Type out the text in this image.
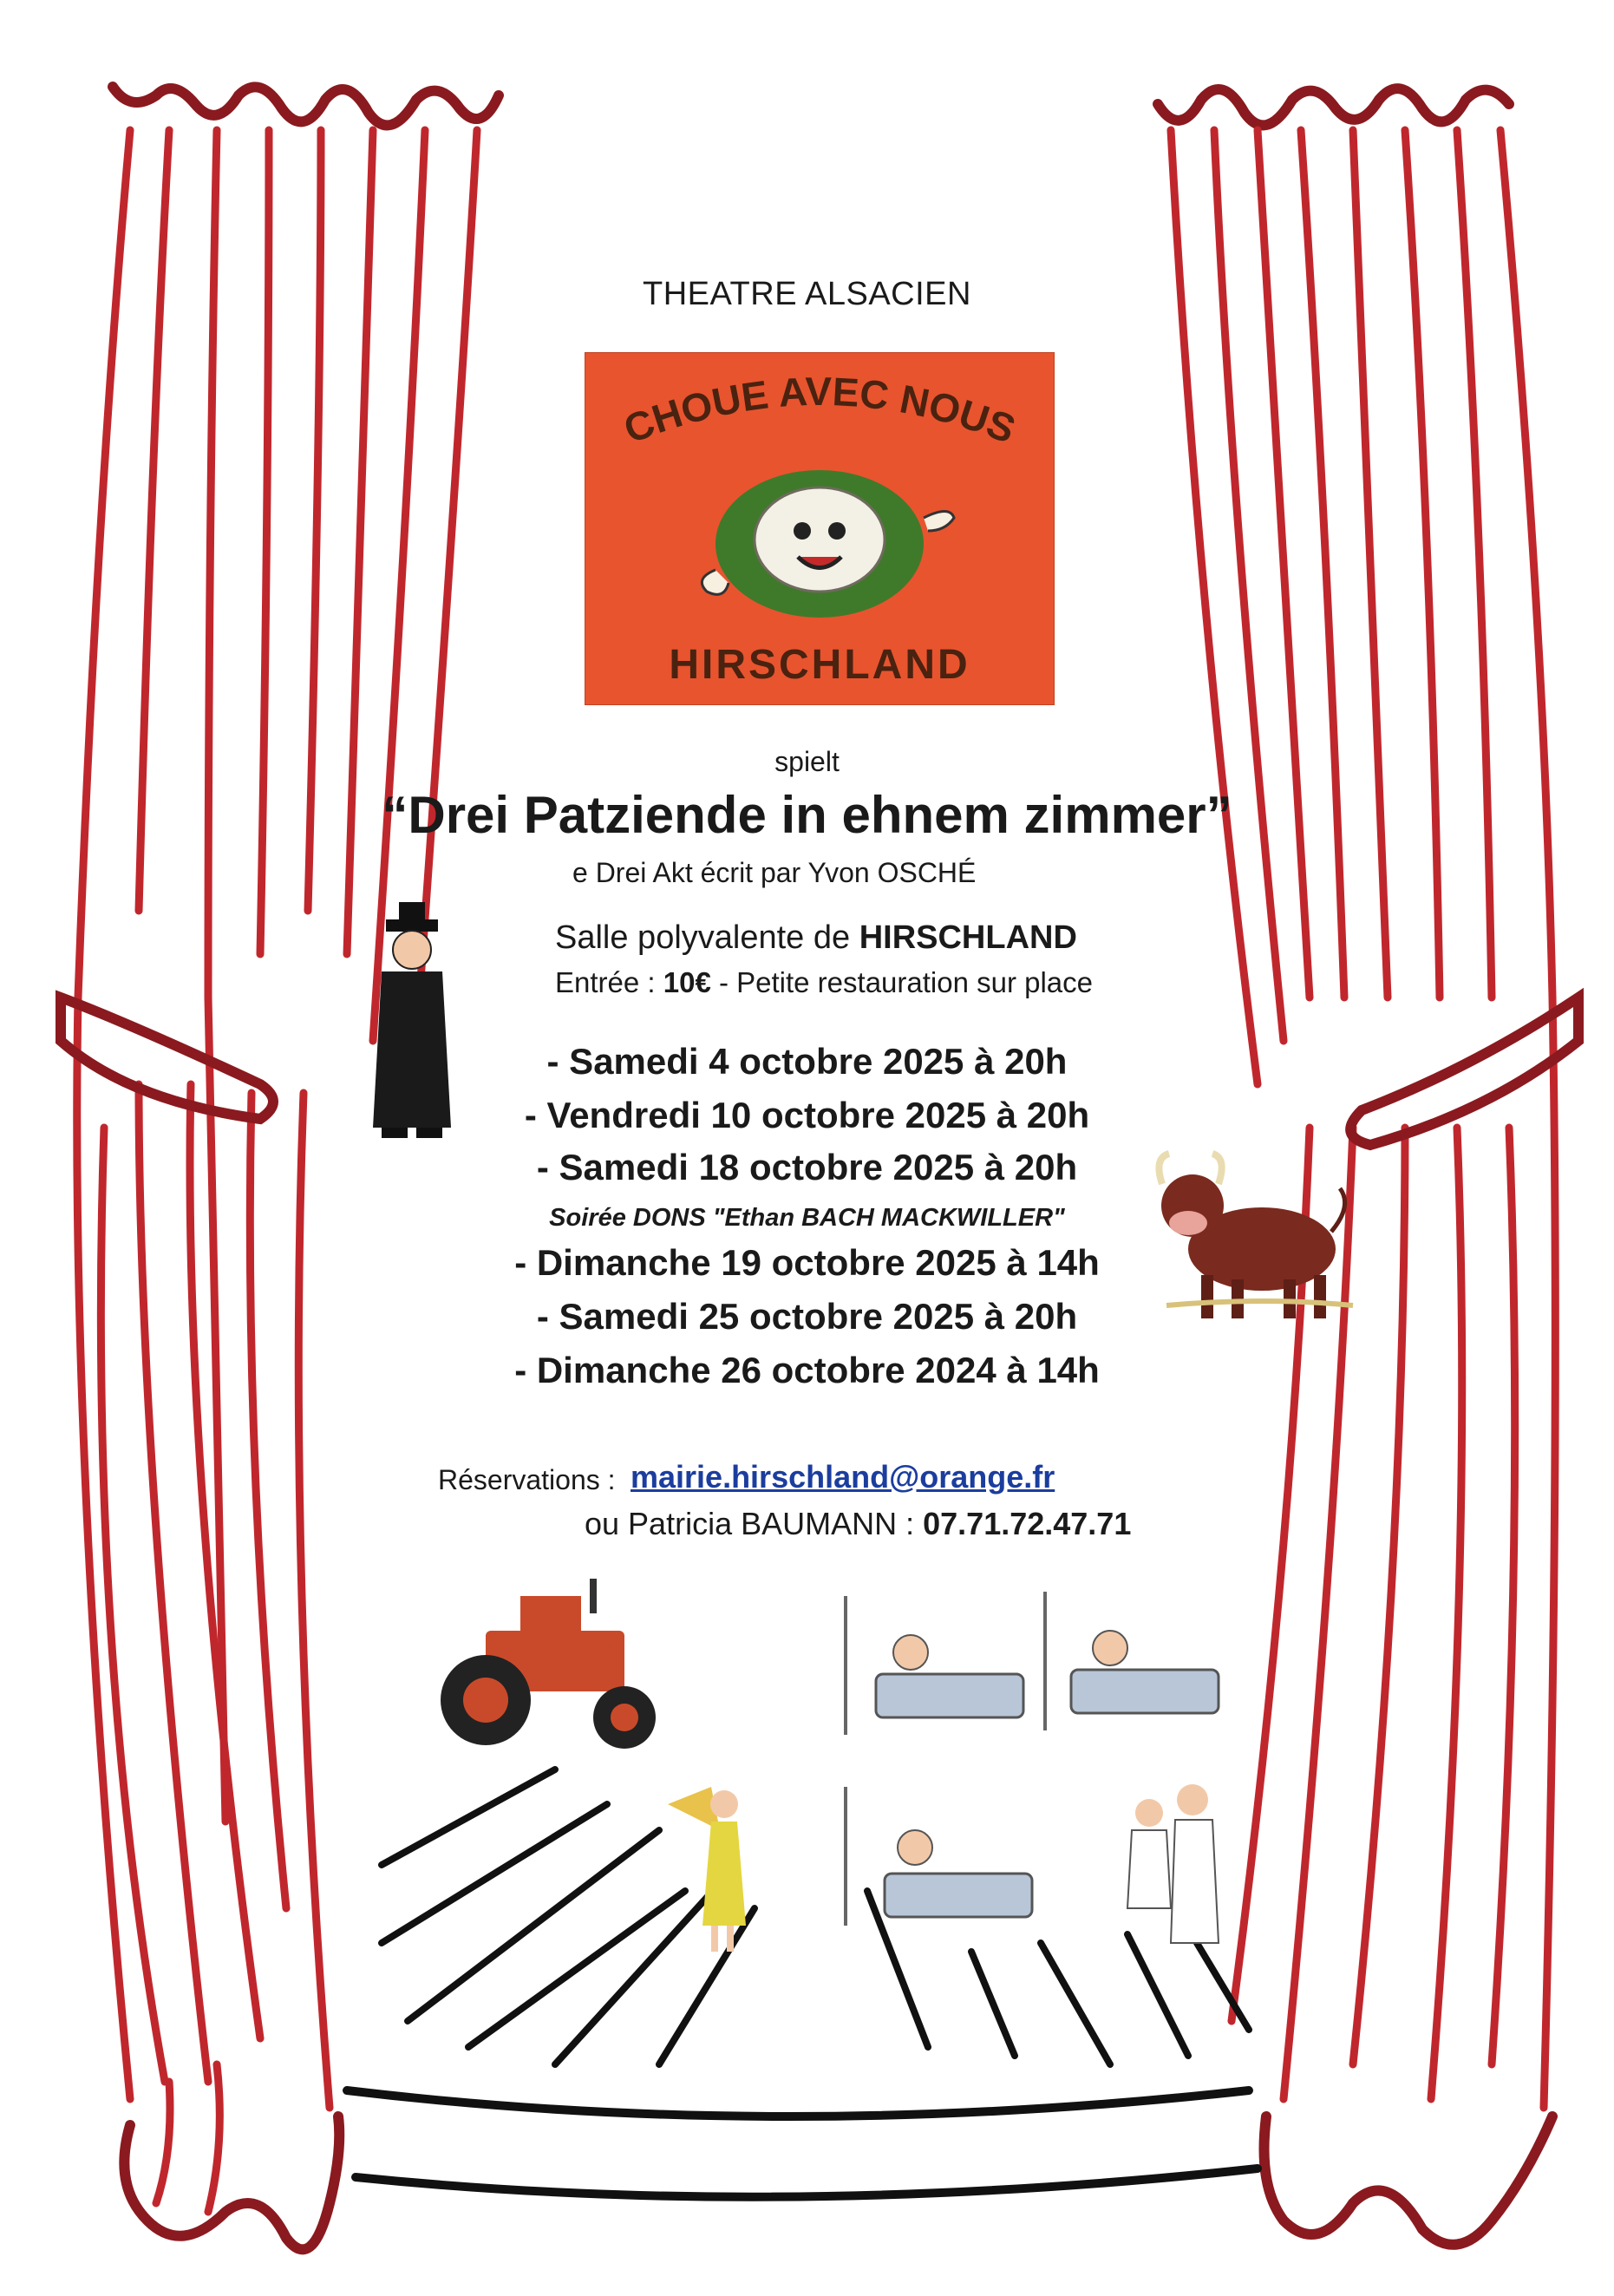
THEATRE ALSACIEN
CHOUE AVEC NOUS
HIRSCHLAND
spielt
“Drei Patziende in ehnem zimmer”
e Drei Akt écrit par Yvon OSCHÉ
Salle polyvalente de HIRSCHLAND
Entrée : 10€ - Petite restauration sur place
- Samedi 4 octobre 2025 à 20h
- Vendredi 10 octobre 2025 à 20h
- Samedi 18 octobre 2025 à 20h
Soirée DONS "Ethan BACH MACKWILLER"
- Dimanche 19 octobre 2025 à 14h
- Samedi 25 octobre 2025 à 20h
- Dimanche 26 octobre 2024 à 14h
Réservations : mairie.hirschland@orange.fr
ou Patricia BAUMANN : 07.71.72.47.71
